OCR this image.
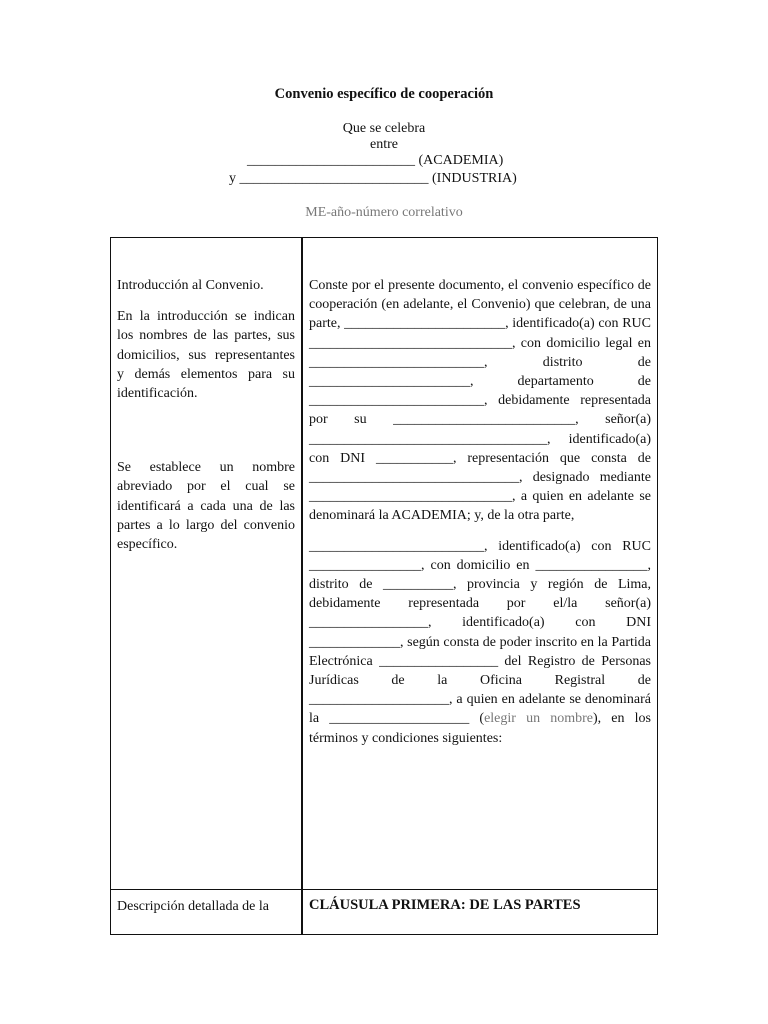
Convenio específico de cooperación
Que se celebra
entre
________________________ (ACADEMIA)
y ___________________________ (INDUSTRIA)
ME-año-número correlativo

Introducción al Convenio.

En la introducción se indican los nombres de las partes, sus domicilios, sus representantes y demás elementos para su identificación.

Se establece un nombre abreviado por el cual se identificará a cada una de las partes a lo largo del convenio específico.

Conste por el presente documento, el convenio específico de cooperación (en adelante, el Convenio) que celebran, de una parte, _______________________, identificado(a) con RUC _____________________________, con domicilio legal en _________________________, distrito de _______________________, departamento de _________________________, debidamente representada por su __________________________, señor(a) __________________________________, identificado(a) con DNI ___________, representación que consta de ______________________________, designado mediante _____________________________, a quien en adelante se denominará la ACADEMIA; y, de la otra parte,

_________________________, identificado(a) con RUC ________________, con domicilio en ________________, distrito de __________, provincia y región de Lima, debidamente representada por el/la señor(a) _________________, identificado(a) con DNI _____________, según consta de poder inscrito en la Partida Electrónica _________________ del Registro de Personas Jurídicas de la Oficina Registral de ____________________, a quien en adelante se denominará la ____________________ (elegir un nombre), en los términos y condiciones siguientes:

Descripción detallada de la	CLÁUSULA PRIMERA: DE LAS PARTES
